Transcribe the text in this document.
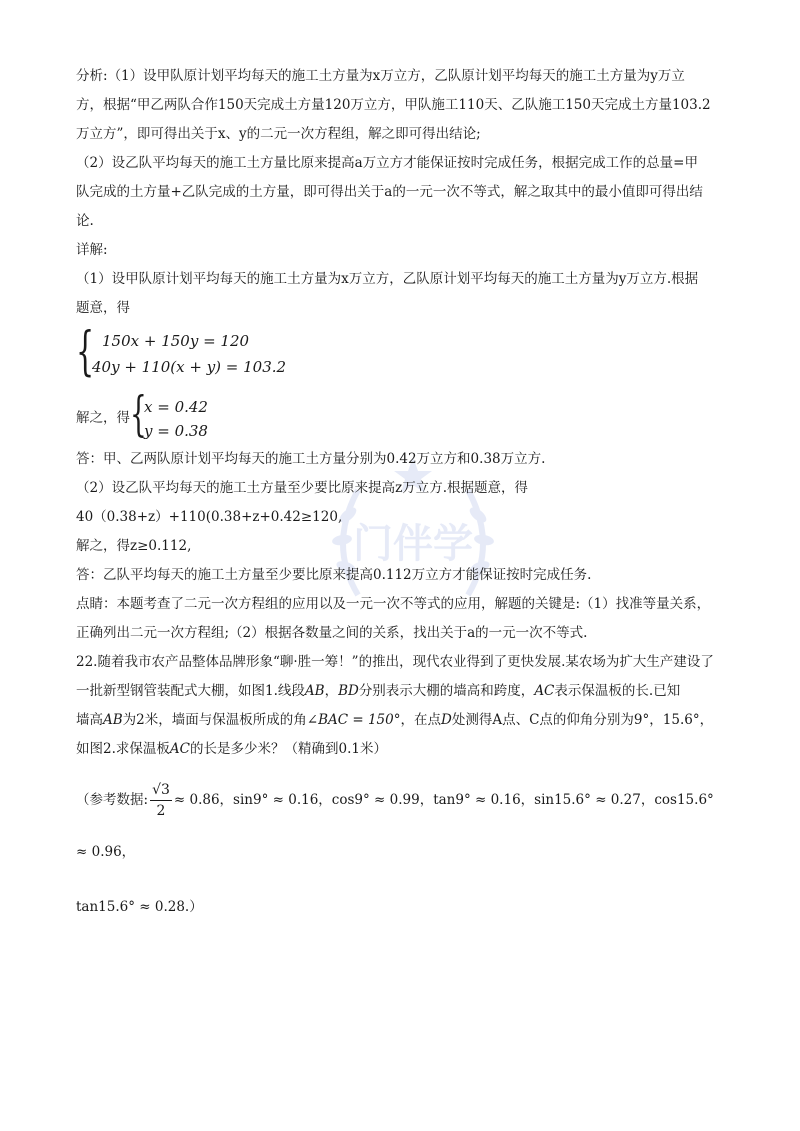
门伴学

分析:（1）设甲队原计划平均每天的施工土方量为x万立方，乙队原计划平均每天的施工土方量为y万立

方，根据“甲乙两队合作150天完成土方量120万立方，甲队施工110天、乙队施工150天完成土方量103.2

万立方”，即可得出关于x、y的二元一次方程组，解之即可得出结论;

（2）设乙队平均每天的施工土方量比原来提高a万立方才能保证按时完成任务，根据完成工作的总量=甲

队完成的土方量+乙队完成的土方量，即可得出关于a的一元一次不等式，解之取其中的最小值即可得出结

论.

详解:

（1）设甲队原计划平均每天的施工土方量为x万立方，乙队原计划平均每天的施工土方量为y万立方.根据

题意，得

{ 150x + 150y = 120
40y + 110(x + y) = 103.2

解之，得 {
x = 0.42
y = 0.38

答：甲、乙两队原计划平均每天的施工土方量分别为0.42万立方和0.38万立方.

（2）设乙队平均每天的施工土方量至少要比原来提高z万立方.根据题意，得

40（0.38+z）+110(0.38+z+0.42≥120,

解之，得z≥0.112,

答：乙队平均每天的施工土方量至少要比原来提高0.112万立方才能保证按时完成任务.

点睛：本题考查了二元一次方程组的应用以及一元一次不等式的应用，解题的关键是:（1）找准等量关系，

正确列出二元一次方程组;（2）根据各数量之间的关系，找出关于a的一元一次不等式.

22.随着我市农产品整体品牌形象“聊·胜一筹！”的推出，现代农业得到了更快发展.某农场为扩大生产建设了

一批新型钢管装配式大棚，如图1.线段AB，BD分别表示大棚的墙高和跨度，AC表示保温板的长.已知

墙高AB为2米，墙面与保温板所成的角∠BAC = 150°，在点D处测得A点、C点的仰角分别为9°，15.6°，

如图2.求保温板AC的长是多少米？（精确到0.1米）

（参考数据: $\frac{√3}{2} \approx 0.86$，sin9° ≈ 0.16，cos9° ≈ 0.99，tan9° ≈ 0.16，sin15.6° ≈ 0.27，cos15.6° ≈ 0.96，

tan15.6° ≈ 0.28.）
